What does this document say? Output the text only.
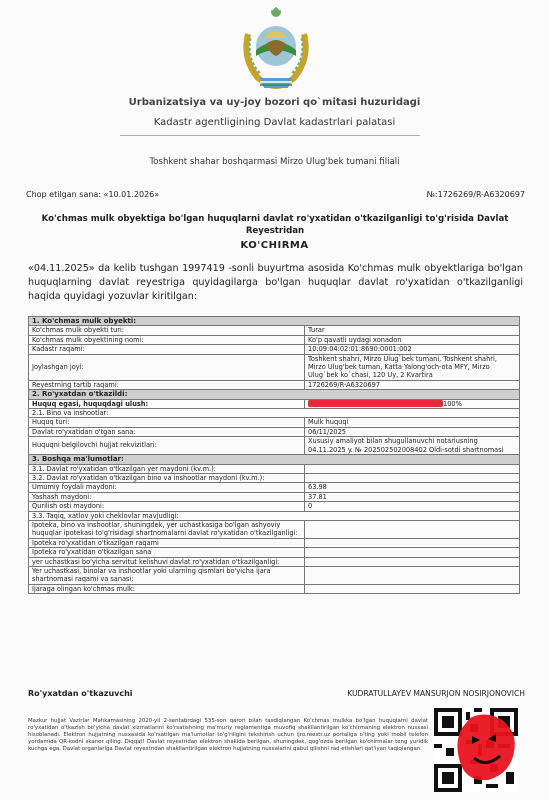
Urbanizatsiya va uy-joy bozori qo`mitasi huzuridagi
Kadastr agentligining Davlat kadastrlari palatasi
Toshkent shahar boshqarmasi Mirzo Ulug'bek tumani filiali
Chop etilgan sana: «10.01.2026»	№:1726269/R-A6320697
Ko'chmas mulk obyektiga bo'lgan huquqlarni davlat ro'yxatidan o'tkazilganligi to'g'risida Davlat Reyestridan
KO'CHIRMA
«04.11.2025» da kelib tushgan 1997419 -sonli buyurtma asosida Ko'chmas mulk obyektlariga bo'lgan huquqlarning davlat reyestriga quyidagilarga bo'lgan huquqlar davlat ro'yxatidan o'tkazilganligi haqida quyidagi yozuvlar kiritilgan:
1. Ko'chmas mulk obyekti:	
Ko'chmas mulk obyekti turi:	Turar
Ko'chmas mulk obyektining nomi:	Ko'p qavatli uydagi xonadon
Kadastr raqami:	10:09:04:02:01:8690:0001:002
Joylashgan joyi:	Toshkent shahri, Mirzo Ulug`bek tumani, Toshkent shahri, Mirzo Ulug'bek tuman, Katta Yalong'och-ota MFY, Mirzo Ulug`bek ko`chasi, 120 Uy, 2 Kvartira
Reyestrning tartib raqami:	1726269/R-A6320697
2. Ro'yxatdan o'tkazildi:	
Huquq egasi, huquqdagi ulush:	100%
2.1. Bino va inshootlar:	
Huquq turi:	Mulk huquqi
Davlat ro'yxatidan o'tgan sana:	06/11/2025
Huquqni belgilovchi hujjat rekvizitlari:	Xususiy amaliyot bilan shugullanuvchi notariusning 04.11.2025 y. № 202502502008402 Oldi-sotdi shartnomasi
3. Boshqa ma'lumotlar:	
3.1. Davlat ro'yxatidan o'tkazilgan yer maydoni (kv.m.):	
3.2. Davlat ro'yxatidan o'tkazilgan bino va inshootlar maydoni (kv.m.):	
Umumiy foydali maydoni:	63.98
Yashash maydoni:	37.81
Qurilish osti maydoni:	0
3.3. Taqiq, xatlov yoki cheklovlar mavjudligi:	
Ipoteka, bino va inshootlar, shuningdek, yer uchastkasiga bo'lgan ashyoviy huquqlar ipotekasi to'g'risidagi shartnomalarni davlat ro'yxatidan o'tkazilganligi:	
Ipoteka ro'yxatidan o'tkazilgan raqami	
Ipoteka ro'yxatidan o'tkazilgan sana	
yer uchastkasi bo'yicha servitut kelishuvi davlat ro'yxatidan o'tkazilganligi:	
Yer uchastkasi, binolar va inshootlar yoki ularning qismlari bo'yicha ijara shartnomasi raqami va sanasi:	
Ijaraga olingan ko'chmas mulk:	
Ro'yxatdan o'tkazuvchi	KUDRATULLAYEV MANSURJON NOSIRJONOVICH
Mazkur hujjat Vazirlar Mahkamasining 2020-yil 2-sentabrdagi 535-son qarori bilan tasdiqlangan Ko'chmas mulkka bo'lgan huquqlarni davlat ro'yxatidan o'tkazish bo'yicha davlat xizmatlarini ko'rsatishning ma'muriy reglamentiga muvofiq shakllantirilgan ko'chirmaning elektron nusxasi hisoblanadi. Elektron hujjatning nusxasida ko'rsatilgan ma'lumotlar to'g'riligini tekshirish uchun ijro.reestr.uz portaliga o'ting yoki mobil telefon yordamida QR-kodni skaner qiling. Diqqat! Davlat reyestridan elektron shaklda berilgan, shuningdek, qog'ozda berilgan ko'chirmalar teng yuridik kuchga ega. Davlat organlariga Davlat reyestridan shakllantirilgan elektron hujjatning nusxalarini qabul qilishni rad etishlari qat'iyan taqiqlangan.
